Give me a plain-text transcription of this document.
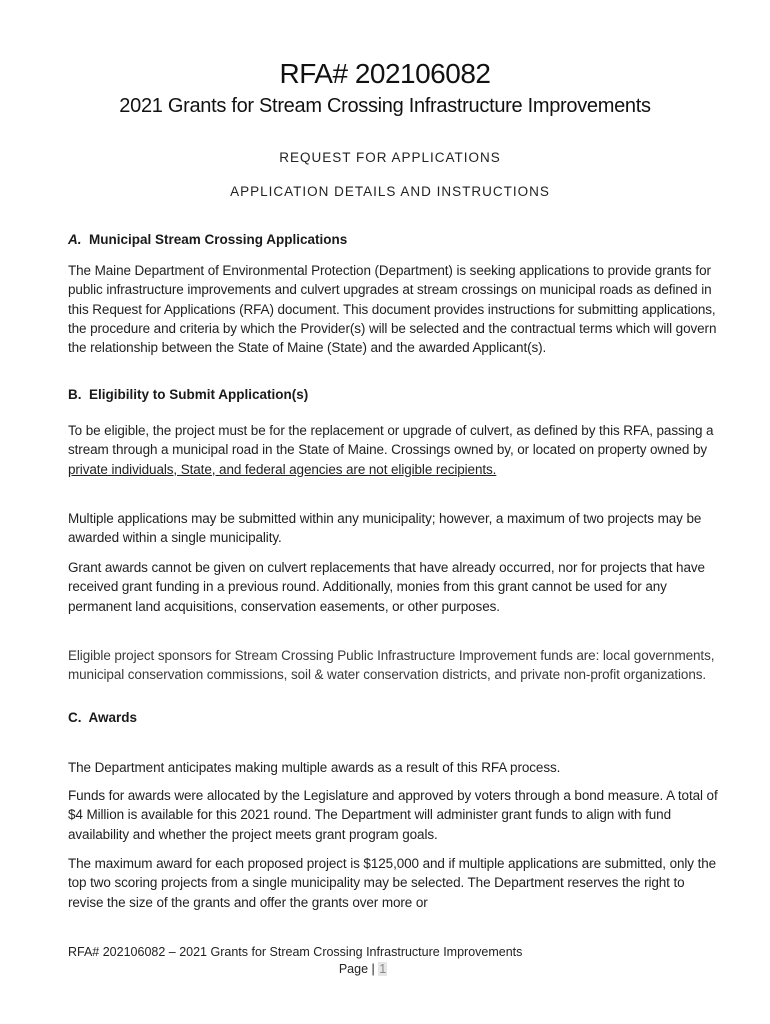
RFA# 202106082
2021 Grants for Stream Crossing Infrastructure Improvements
REQUEST FOR APPLICATIONS
APPLICATION DETAILS AND INSTRUCTIONS
A. Municipal Stream Crossing Applications
The Maine Department of Environmental Protection (Department) is seeking applications to provide grants for public infrastructure improvements and culvert upgrades at stream crossings on municipal roads as defined in this Request for Applications (RFA) document. This document provides instructions for submitting applications, the procedure and criteria by which the Provider(s) will be selected and the contractual terms which will govern the relationship between the State of Maine (State) and the awarded Applicant(s).
B. Eligibility to Submit Application(s)
To be eligible, the project must be for the replacement or upgrade of culvert, as defined by this RFA, passing a stream through a municipal road in the State of Maine. Crossings owned by, or located on property owned by private individuals, State, and federal agencies are not eligible recipients.
Multiple applications may be submitted within any municipality; however, a maximum of two projects may be awarded within a single municipality.
Grant awards cannot be given on culvert replacements that have already occurred, nor for projects that have received grant funding in a previous round. Additionally, monies from this grant cannot be used for any permanent land acquisitions, conservation easements, or other purposes.
Eligible project sponsors for Stream Crossing Public Infrastructure Improvement funds are: local governments, municipal conservation commissions, soil & water conservation districts, and private non-profit organizations.
C. Awards
The Department anticipates making multiple awards as a result of this RFA process.
Funds for awards were allocated by the Legislature and approved by voters through a bond measure. A total of $4 Million is available for this 2021 round. The Department will administer grant funds to align with fund availability and whether the project meets grant program goals.
The maximum award for each proposed project is $125,000 and if multiple applications are submitted, only the top two scoring projects from a single municipality may be selected. The Department reserves the right to revise the size of the grants and offer the grants over more or
RFA# 202106082 – 2021 Grants for Stream Crossing Infrastructure Improvements
Page | 1
